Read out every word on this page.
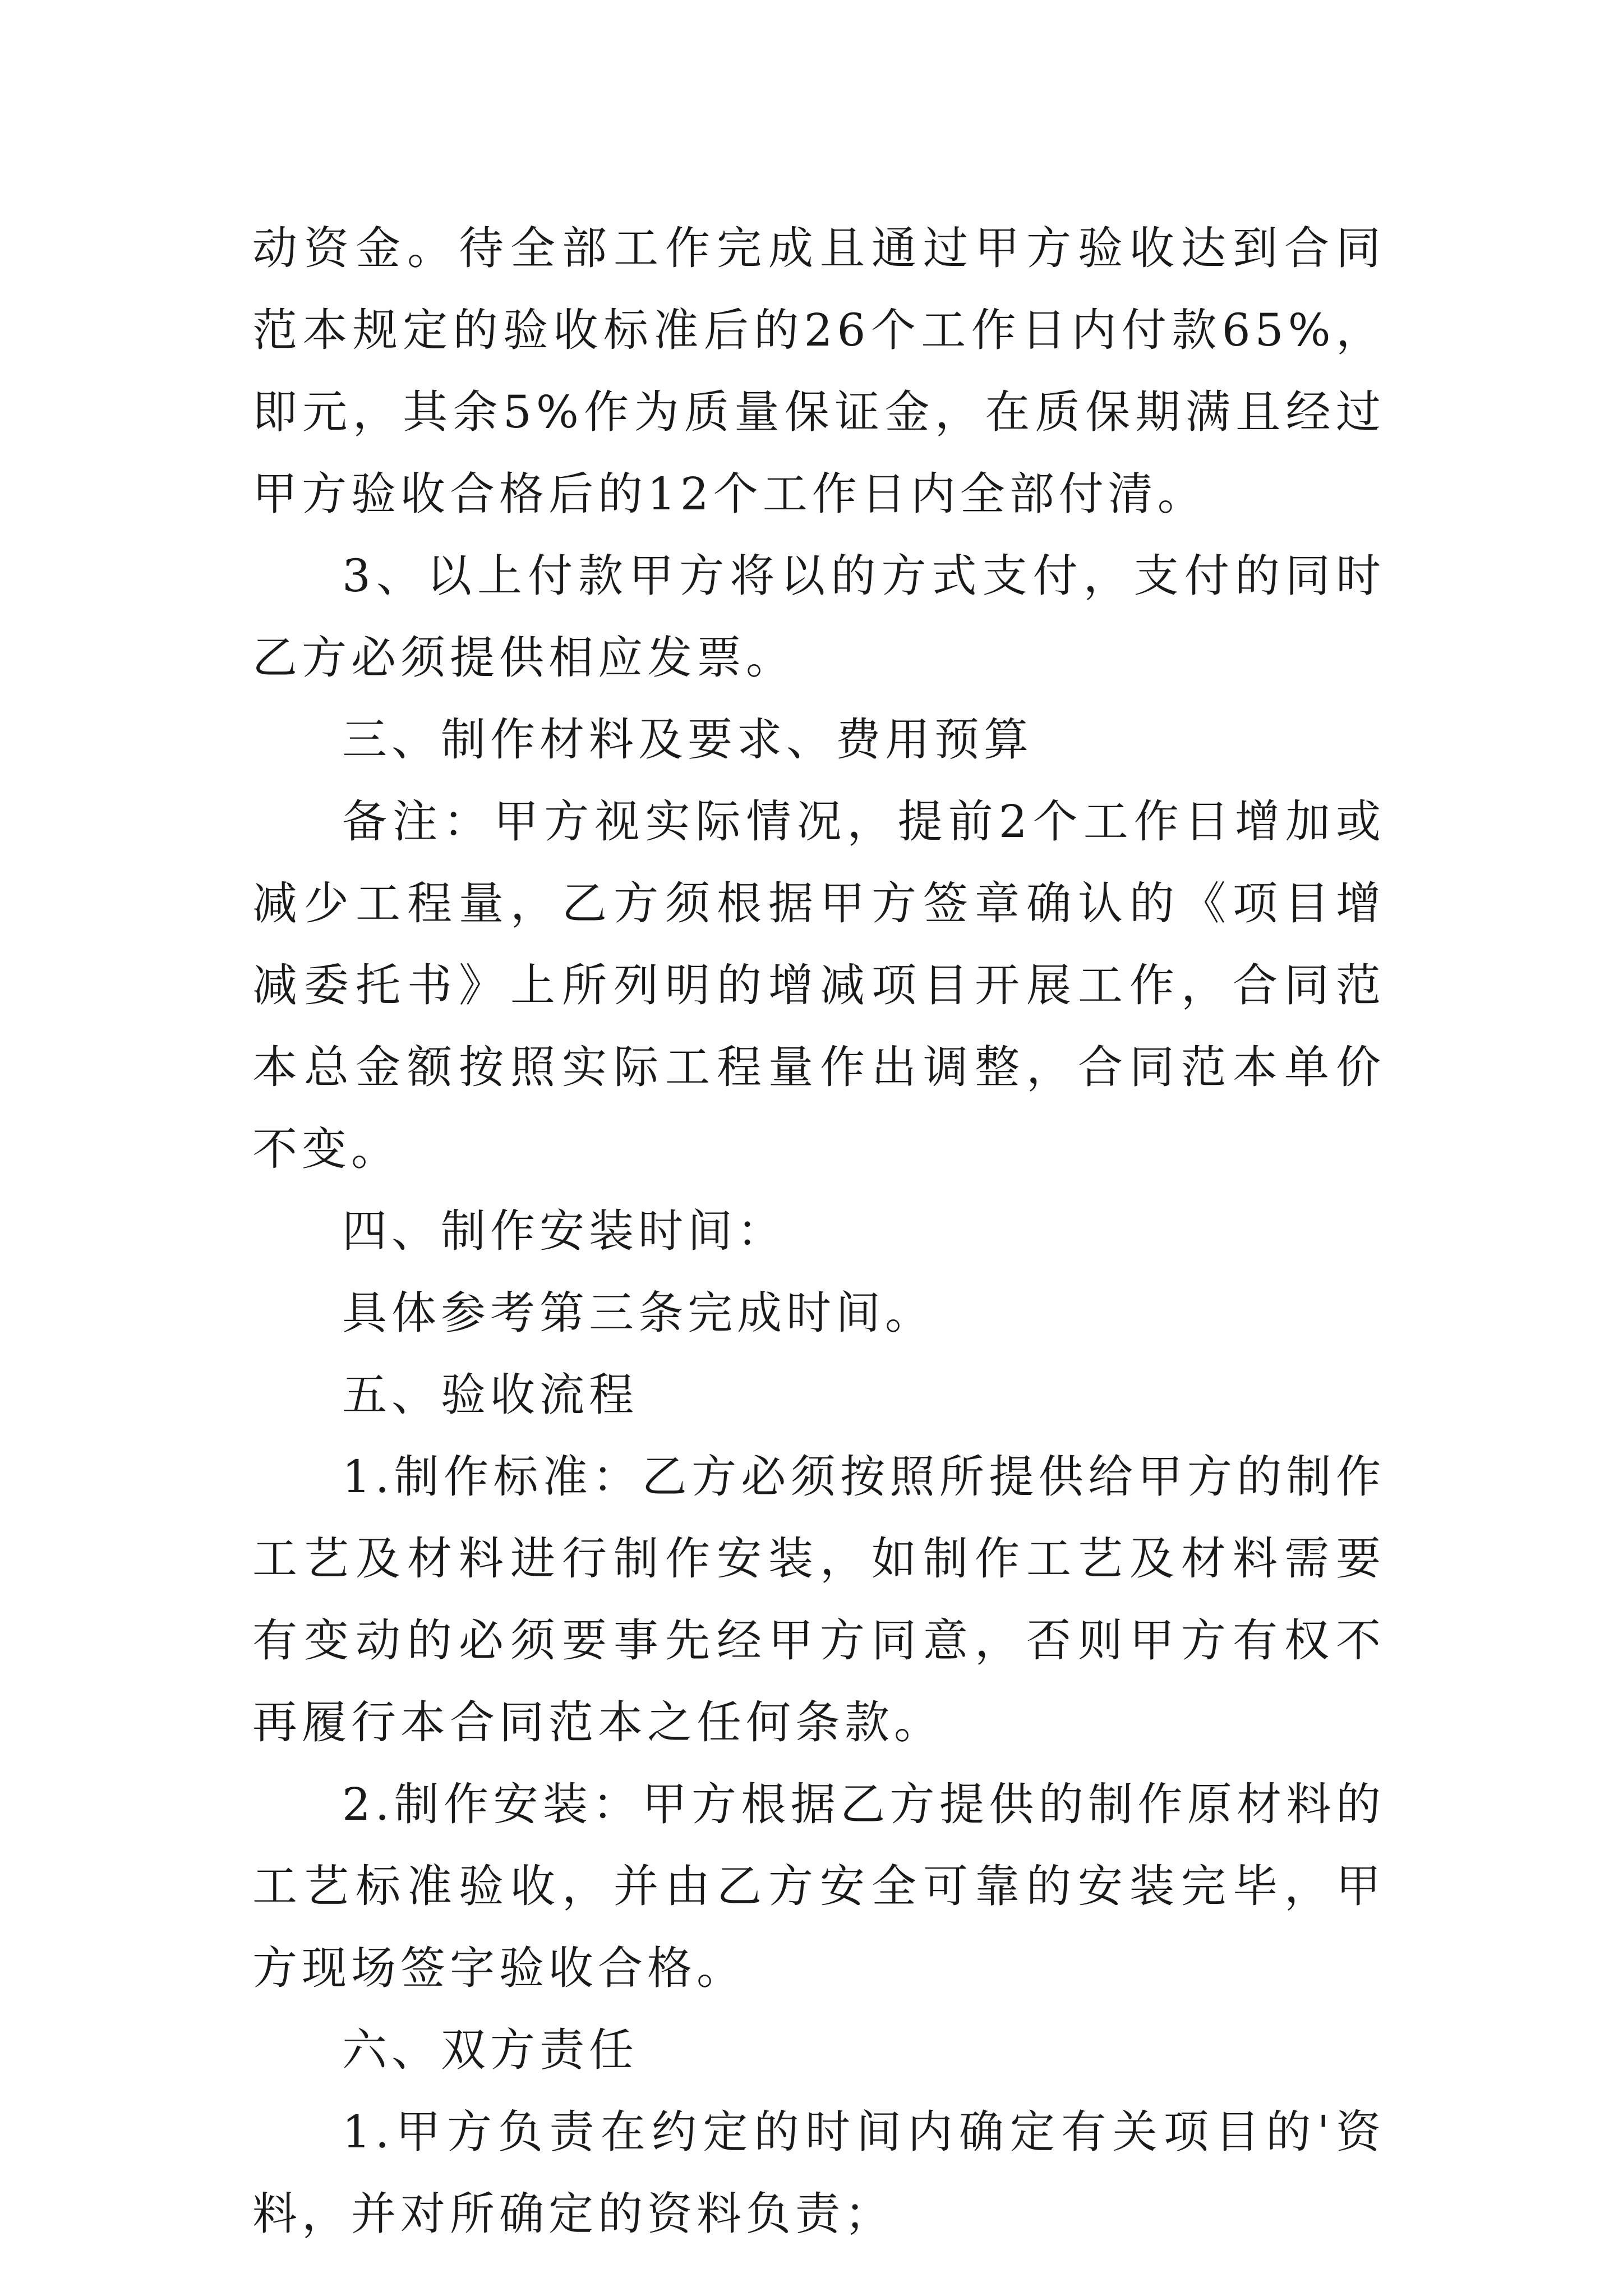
动资金。待全部工作完成且通过甲方验收达到合同范本规定的验收标准后的26个工作日内付款65%，即元，其余5%作为质量保证金，在质保期满且经过甲方验收合格后的12个工作日内全部付清。

3、以上付款甲方将以的方式支付，支付的同时乙方必须提供相应发票。

三、制作材料及要求、费用预算

备注：甲方视实际情况，提前2个工作日增加或减少工程量，乙方须根据甲方签章确认的《项目增减委托书》上所列明的增减项目开展工作，合同范本总金额按照实际工程量作出调整，合同范本单价不变。

四、制作安装时间：

具体参考第三条完成时间。

五、验收流程

1.制作标准：乙方必须按照所提供给甲方的制作工艺及材料进行制作安装，如制作工艺及材料需要有变动的必须要事先经甲方同意，否则甲方有权不再履行本合同范本之任何条款。

2.制作安装：甲方根据乙方提供的制作原材料的工艺标准验收，并由乙方安全可靠的安装完毕，甲方现场签字验收合格。

六、双方责任

1.甲方负责在约定的时间内确定有关项目的'资料，并对所确定的资料负责；
